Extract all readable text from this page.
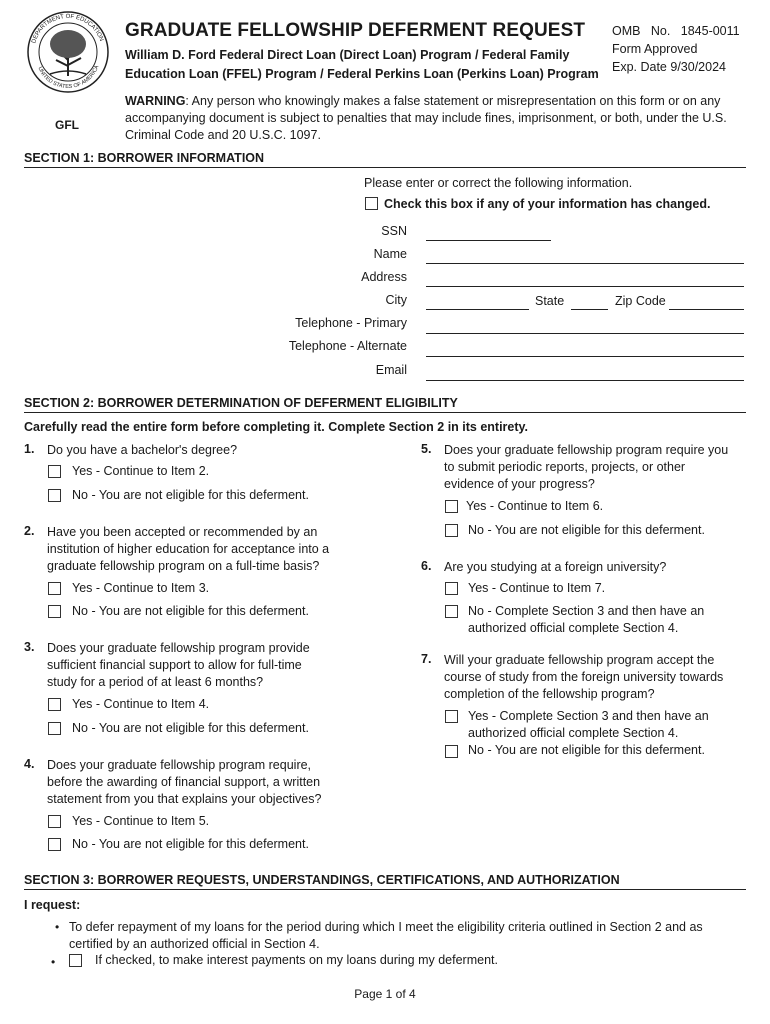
DEPARTMENT OF EDUCATION
UNITED STATES OF AMERICA
GFL
GRADUATE FELLOWSHIP DEFERMENT REQUEST
William D. Ford Federal Direct Loan (Direct Loan) Program / Federal Family
Education Loan (FFEL) Program / Federal Perkins Loan (Perkins Loan) Program
OMB   No.   1845-0011
Form Approved
Exp. Date 9/30/2024
WARNING: Any person who knowingly makes a false statement or misrepresentation on this form or on any accompanying document is subject to penalties that may include fines, imprisonment, or both, under the U.S. Criminal Code and 20 U.S.C. 1097.
SECTION 1: BORROWER INFORMATION
Please enter or correct the following information.
Check this box if any of your information has changed.
SSN
Name
Address
City	State	Zip Code
Telephone - Primary
Telephone - Alternate
Email
SECTION 2: BORROWER DETERMINATION OF DEFERMENT ELIGIBILITY
Carefully read the entire form before completing it. Complete Section 2 in its entirety.
1. Do you have a bachelor's degree?
Yes - Continue to Item 2.
No - You are not eligible for this deferment.
2. Have you been accepted or recommended by an
institution of higher education for acceptance into a
graduate fellowship program on a full-time basis?
Yes - Continue to Item 3.
No - You are not eligible for this deferment.
3. Does your graduate fellowship program provide
sufficient financial support to allow for full-time
study for a period of at least 6 months?
Yes - Continue to Item 4.
No - You are not eligible for this deferment.
4. Does your graduate fellowship program require,
before the awarding of financial support, a written
statement from you that explains your objectives?
Yes - Continue to Item 5.
No - You are not eligible for this deferment.
5. Does your graduate fellowship program require you
to submit periodic reports, projects, or other
evidence of your progress?
Yes - Continue to Item 6.
No - You are not eligible for this deferment.
6. Are you studying at a foreign university?
Yes - Continue to Item 7.
No - Complete Section 3 and then have an
authorized official complete Section 4.
7. Will your graduate fellowship program accept the
course of study from the foreign university towards
completion of the fellowship program?
Yes - Complete Section 3 and then have an
authorized official complete Section 4.
No - You are not eligible for this deferment.
SECTION 3: BORROWER REQUESTS, UNDERSTANDINGS, CERTIFICATIONS, AND AUTHORIZATION
I request:
• To defer repayment of my loans for the period during which I meet the eligibility criteria outlined in Section 2 and as
certified by an authorized official in Section 4.
•	If checked, to make interest payments on my loans during my deferment.
Page 1 of 4
